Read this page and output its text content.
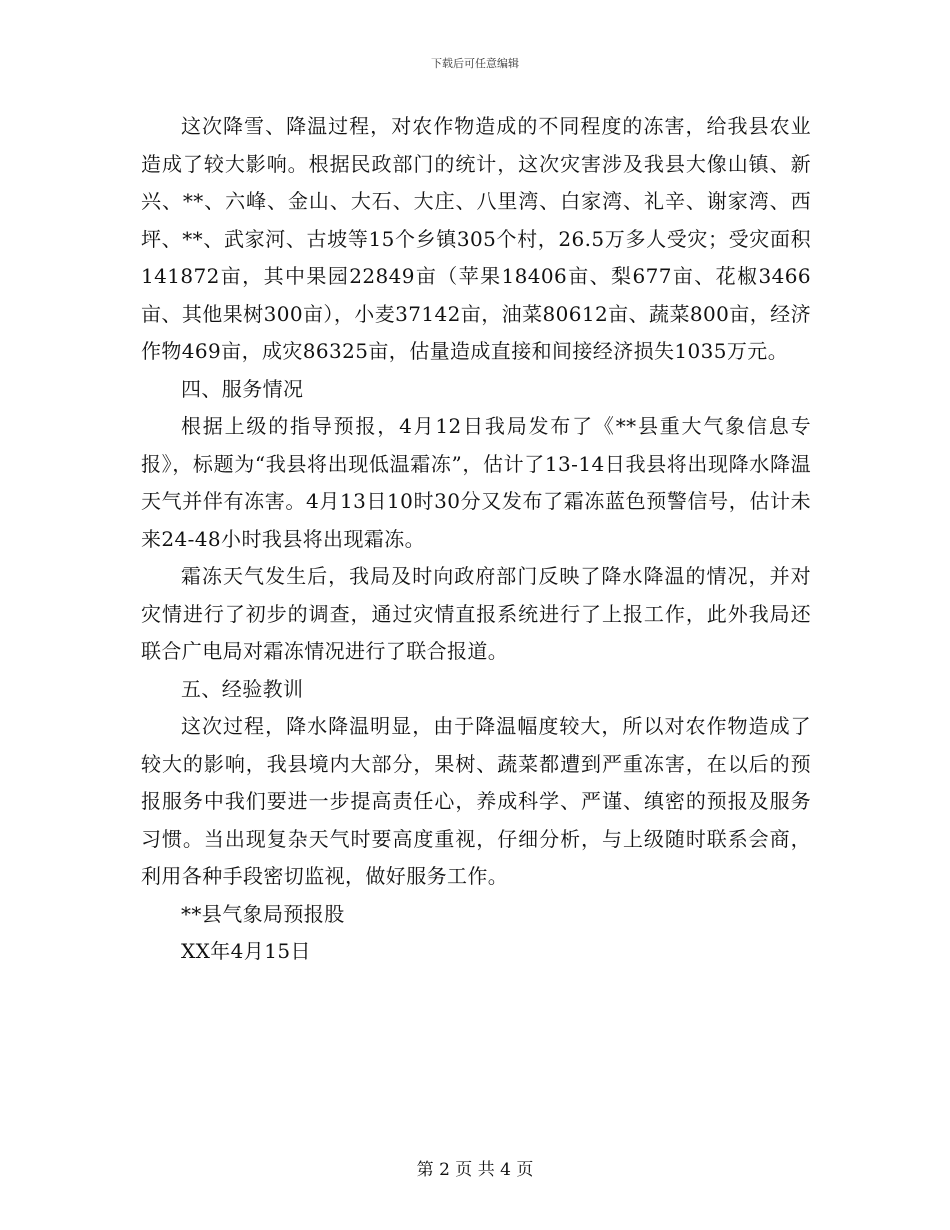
下载后可任意编辑

这次降雪、降温过程，对农作物造成的不同程度的冻害，给我县农业造成了较大影响。根据民政部门的统计，这次灾害涉及我县大像山镇、新兴、**、六峰、金山、大石、大庄、八里湾、白家湾、礼辛、谢家湾、西坪、**、武家河、古坡等15个乡镇305个村，26.5万多人受灾；受灾面积141872亩，其中果园22849亩（苹果18406亩、梨677亩、花椒3466亩、其他果树300亩），小麦37142亩，油菜80612亩、蔬菜800亩，经济作物469亩，成灾86325亩，估量造成直接和间接经济损失1035万元。

四、服务情况

根据上级的指导预报，4月12日我局发布了《**县重大气象信息专报》，标题为“我县将出现低温霜冻”，估计了13-14日我县将出现降水降温天气并伴有冻害。4月13日10时30分又发布了霜冻蓝色预警信号，估计未来24-48小时我县将出现霜冻。

霜冻天气发生后，我局及时向政府部门反映了降水降温的情况，并对灾情进行了初步的调查，通过灾情直报系统进行了上报工作，此外我局还联合广电局对霜冻情况进行了联合报道。

五、经验教训

这次过程，降水降温明显，由于降温幅度较大，所以对农作物造成了较大的影响，我县境内大部分，果树、蔬菜都遭到严重冻害，在以后的预报服务中我们要进一步提高责任心，养成科学、严谨、缜密的预报及服务习惯。当出现复杂天气时要高度重视，仔细分析，与上级随时联系会商，利用各种手段密切监视，做好服务工作。

**县气象局预报股

XX年4月15日

第 2 页 共 4 页
